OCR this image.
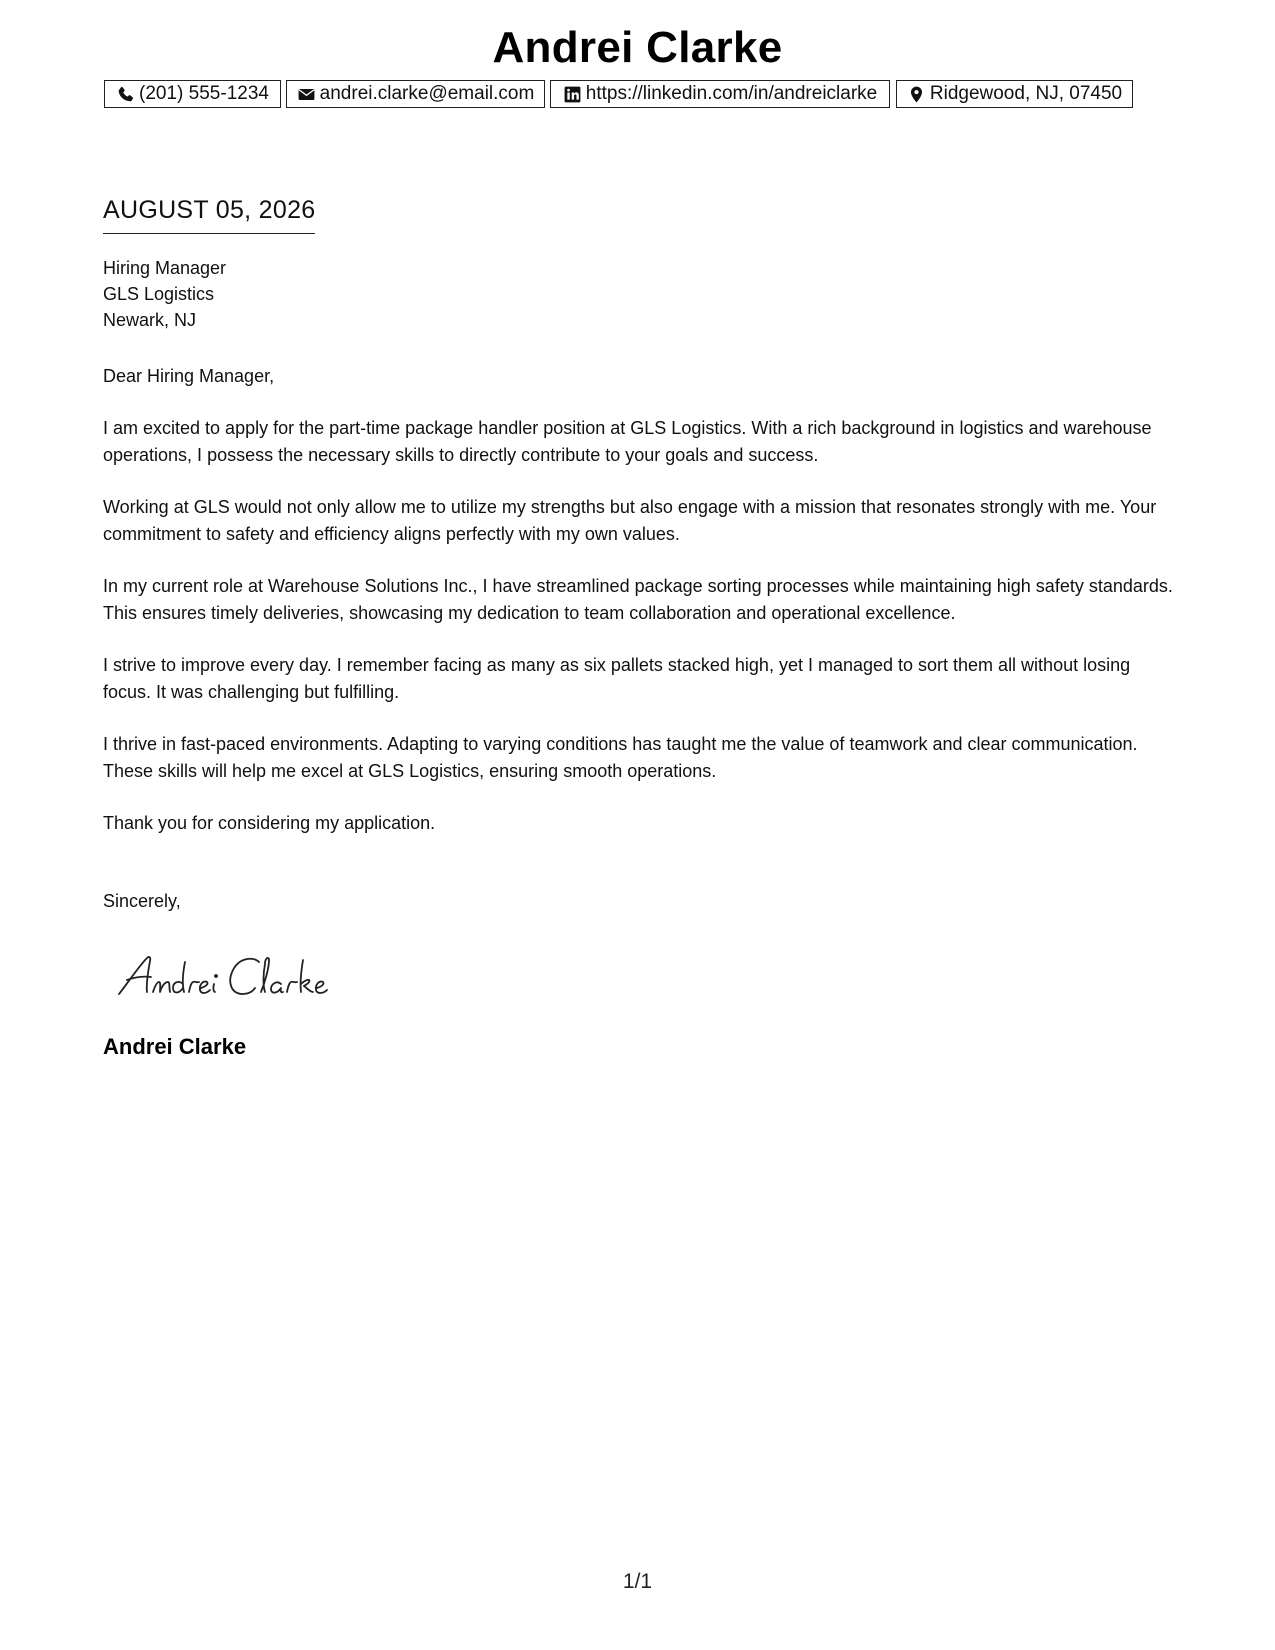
Andrei Clarke
(201) 555-1234	andrei.clarke@email.com	https://linkedin.com/in/andreiclarke	Ridgewood, NJ, 07450
AUGUST 05, 2026
Hiring Manager
GLS Logistics
Newark, NJ

Dear Hiring Manager,

I am excited to apply for the part-time package handler position at GLS Logistics. With a rich background in logistics and warehouse operations, I possess the necessary skills to directly contribute to your goals and success.

Working at GLS would not only allow me to utilize my strengths but also engage with a mission that resonates strongly with me. Your commitment to safety and efficiency aligns perfectly with my own values.

In my current role at Warehouse Solutions Inc., I have streamlined package sorting processes while maintaining high safety standards. This ensures timely deliveries, showcasing my dedication to team collaboration and operational excellence.

I strive to improve every day. I remember facing as many as six pallets stacked high, yet I managed to sort them all without losing focus. It was challenging but fulfilling.

I thrive in fast-paced environments. Adapting to varying conditions has taught me the value of teamwork and clear communication. These skills will help me excel at GLS Logistics, ensuring smooth operations.

Thank you for considering my application.

Sincerely,

Andrei Clarke
1/1
